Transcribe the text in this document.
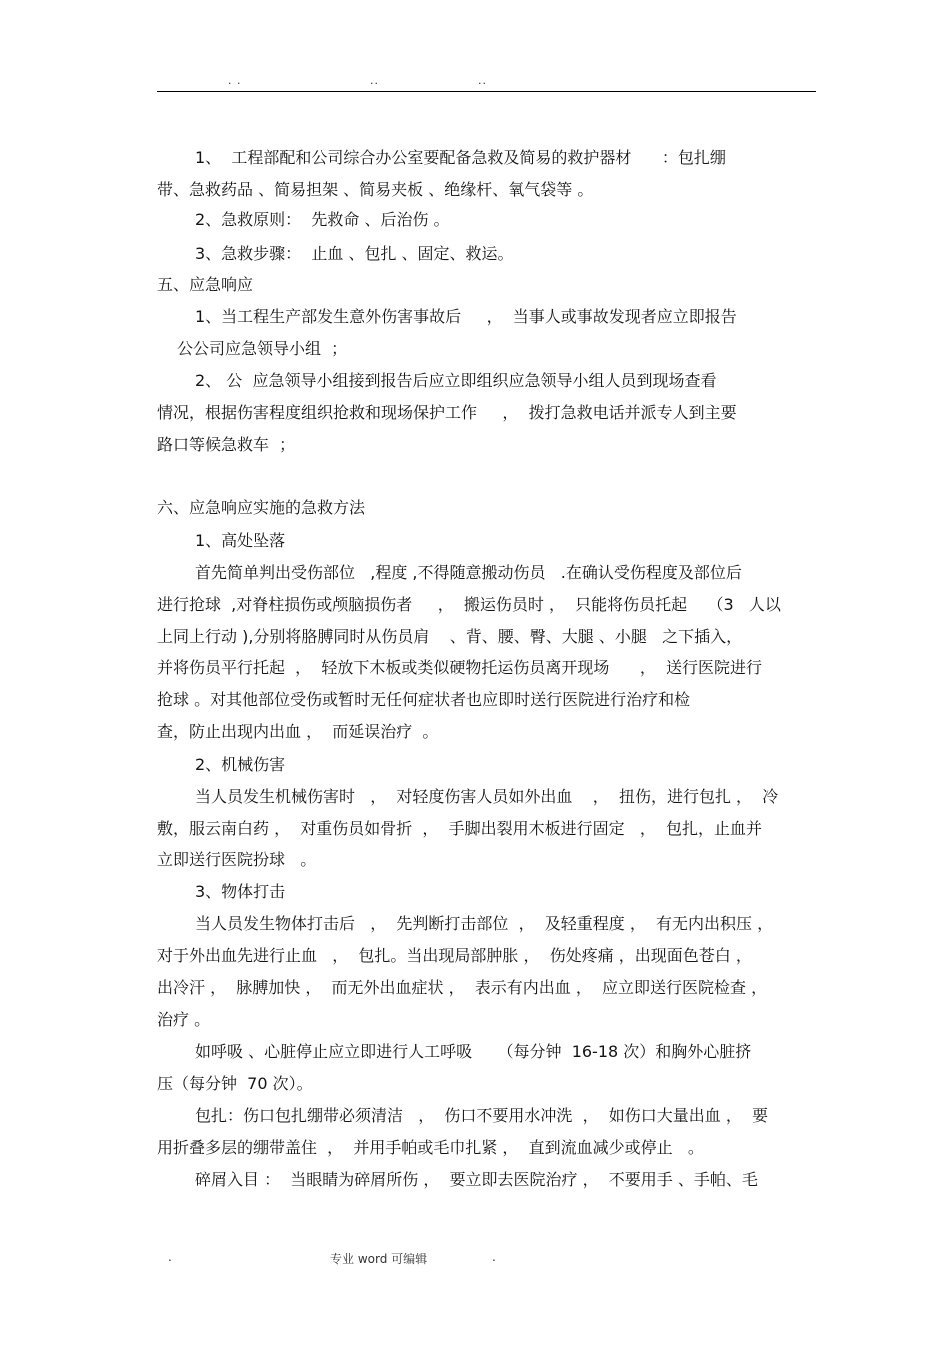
. .	..	..
1、  工程部配和公司综合办公室要配备急救及简易的救护器材      ：包扎绷
带、急救药品 、简易担架 、简易夹板 、绝缘杆、氧气袋等 。
2、急救原则：  先救命 、后治伤 。
3、急救步骤：  止血 、包扎 、固定、救运。
五、应急响应
1、当工程生产部发生意外伤害事故后     ，  当事人或事故发现者应立即报告
公公司应急领导小组  ；
2、 公  应急领导小组接到报告后应立即组织应急领导小组人员到现场查看
情况，根据伤害程度组织抢救和现场保护工作     ，  拨打急救电话并派专人到主要
路口等候急救车  ；
六、应急响应实施的急救方法
1、高处坠落
首先简单判出受伤部位   ,程度 ,不得随意搬动伤员   .在确认受伤程度及部位后
进行抢球  ,对脊柱损伤或颅脑损伤者     ，  搬运伤员时 ，  只能将伤员托起    （3   人以
上同上行动 ),分别将胳膊同时从伤员肩    、背、腰、臀、大腿 、小腿   之下插入，
并将伤员平行托起  ，  轻放下木板或类似硬物托运伤员离开现场      ，  送行医院进行
抢球 。对其他部位受伤或暂时无任何症状者也应即时送行医院进行治疗和检
查，防止出现内出血 ，  而延误治疗  。
2、机械伤害
当人员发生机械伤害时   ，  对轻度伤害人员如外出血    ，  扭伤，进行包扎 ，  冷
敷，服云南白药 ，  对重伤员如骨折  ，  手脚出裂用木板进行固定   ，  包扎，止血并
立即送行医院扮球   。
3、物体打击
当人员发生物体打击后   ，  先判断打击部位  ，  及轻重程度 ，  有无内出积压 ，
对于外出血先进行止血   ，  包扎。当出现局部肿胀 ，  伤处疼痛 ，出现面色苍白 ，
出冷汗 ，  脉膊加快 ，  而无外出血症状 ，  表示有内出血 ，  应立即送行医院检查 ，
治疗 。
如呼吸 、心脏停止应立即进行人工呼吸     （每分钟  16-18 次）和胸外心脏挤
压（每分钟  70 次）。
包扎：伤口包扎绷带必须清洁   ，  伤口不要用水冲洗  ，  如伤口大量出血 ，  要
用折叠多层的绷带盖住  ，  并用手帕或毛巾扎紧 ，  直到流血减少或停止   。
碎屑入目 ：  当眼睛为碎屑所伤 ，  要立即去医院治疗 ，  不要用手 、手帕、毛
.	专业 word 可编辑	.
